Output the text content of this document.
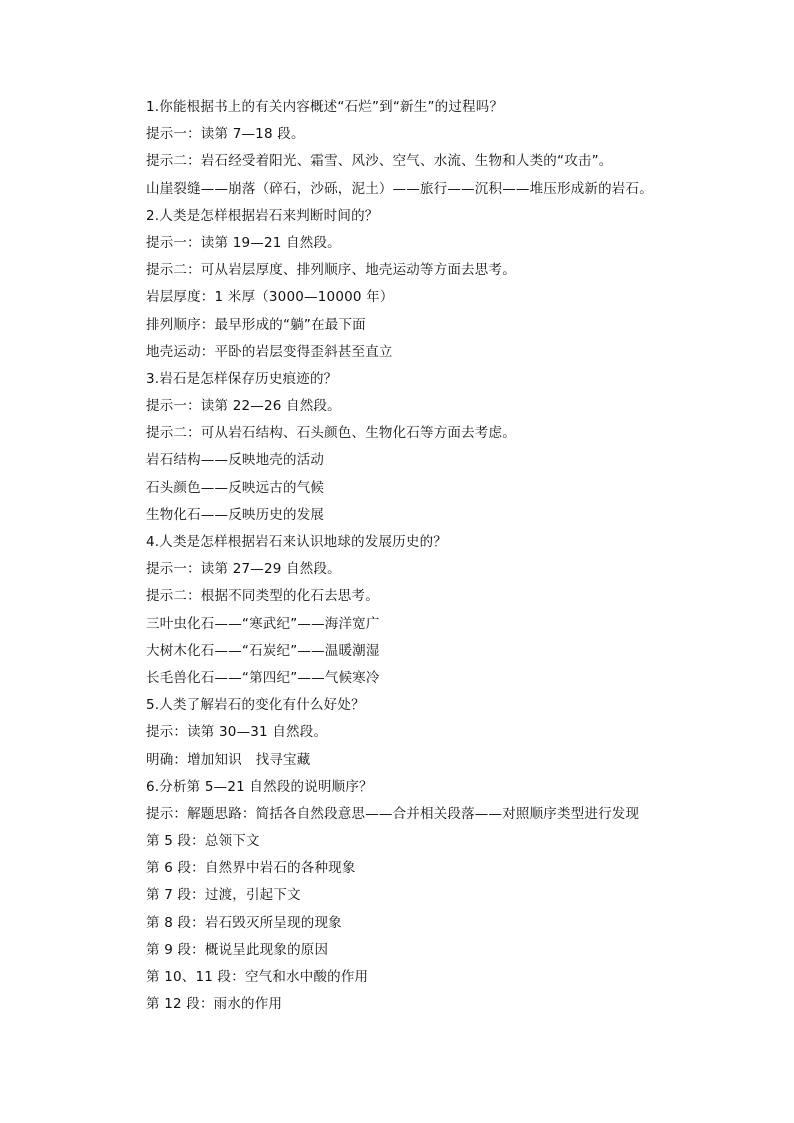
1.你能根据书上的有关内容概述“石烂”到“新生”的过程吗？
提示一：读第 7—18 段。
提示二：岩石经受着阳光、霜雪、风沙、空气、水流、生物和人类的“攻击”。
山崖裂缝——崩落（碎石，沙砾，泥土）——旅行——沉积——堆压形成新的岩石。
2.人类是怎样根据岩石来判断时间的？
提示一：读第 19—21 自然段。
提示二：可从岩层厚度、排列顺序、地壳运动等方面去思考。
岩层厚度：1 米厚（3000—10000 年）
排列顺序：最早形成的“躺”在最下面
地壳运动：平卧的岩层变得歪斜甚至直立
3.岩石是怎样保存历史痕迹的？
提示一：读第 22—26 自然段。
提示二：可从岩石结构、石头颜色、生物化石等方面去考虑。
岩石结构——反映地壳的活动
石头颜色——反映远古的气候
生物化石——反映历史的发展
4.人类是怎样根据岩石来认识地球的发展历史的？
提示一：读第 27—29 自然段。
提示二：根据不同类型的化石去思考。
三叶虫化石——“寒武纪”——海洋宽广
大树木化石——“石炭纪”——温暖潮湿
长毛兽化石——“第四纪”——气候寒冷
5.人类了解岩石的变化有什么好处？
提示：读第 30—31 自然段。
明确：增加知识　找寻宝藏
6.分析第 5—21 自然段的说明顺序？
提示：解题思路：简括各自然段意思——合并相关段落——对照顺序类型进行发现
第 5 段：总领下文
第 6 段：自然界中岩石的各种现象
第 7 段：过渡，引起下文
第 8 段：岩石毁灭所呈现的现象
第 9 段：概说呈此现象的原因
第 10、11 段：空气和水中酸的作用
第 12 段：雨水的作用
